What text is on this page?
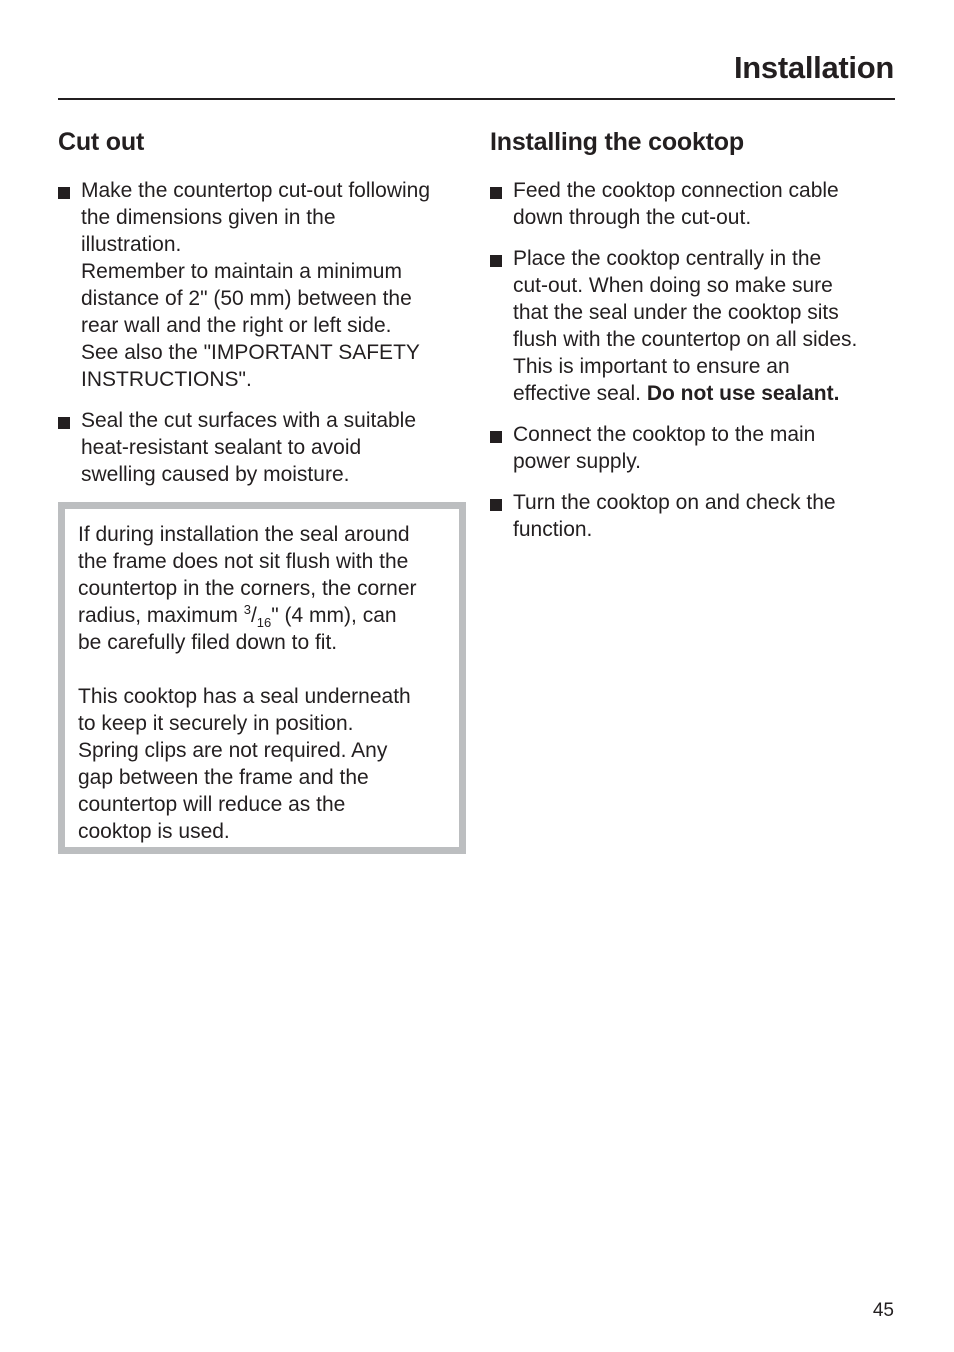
Installation
Cut out
Make the countertop cut-out following
the dimensions given in the
illustration.
Remember to maintain a minimum
distance of 2" (50 mm) between the
rear wall and the right or left side.
See also the "IMPORTANT SAFETY
INSTRUCTIONS".
Seal the cut surfaces with a suitable
heat-resistant sealant to avoid
swelling caused by moisture.

If during installation the seal around
the frame does not sit flush with the
countertop in the corners, the corner
radius, maximum $^3/_{16}$" (4 mm), can
be carefully filed down to fit.

This cooktop has a seal underneath
to keep it securely in position.
Spring clips are not required. Any
gap between the frame and the
countertop will reduce as the
cooktop is used.

Installing the cooktop
Feed the cooktop connection cable
down through the cut-out.
Place the cooktop centrally in the
cut-out. When doing so make sure
that the seal under the cooktop sits
flush with the countertop on all sides.
This is important to ensure an
effective seal. Do not use sealant.
Connect the cooktop to the main
power supply.
Turn the cooktop on and check the
function.
45
